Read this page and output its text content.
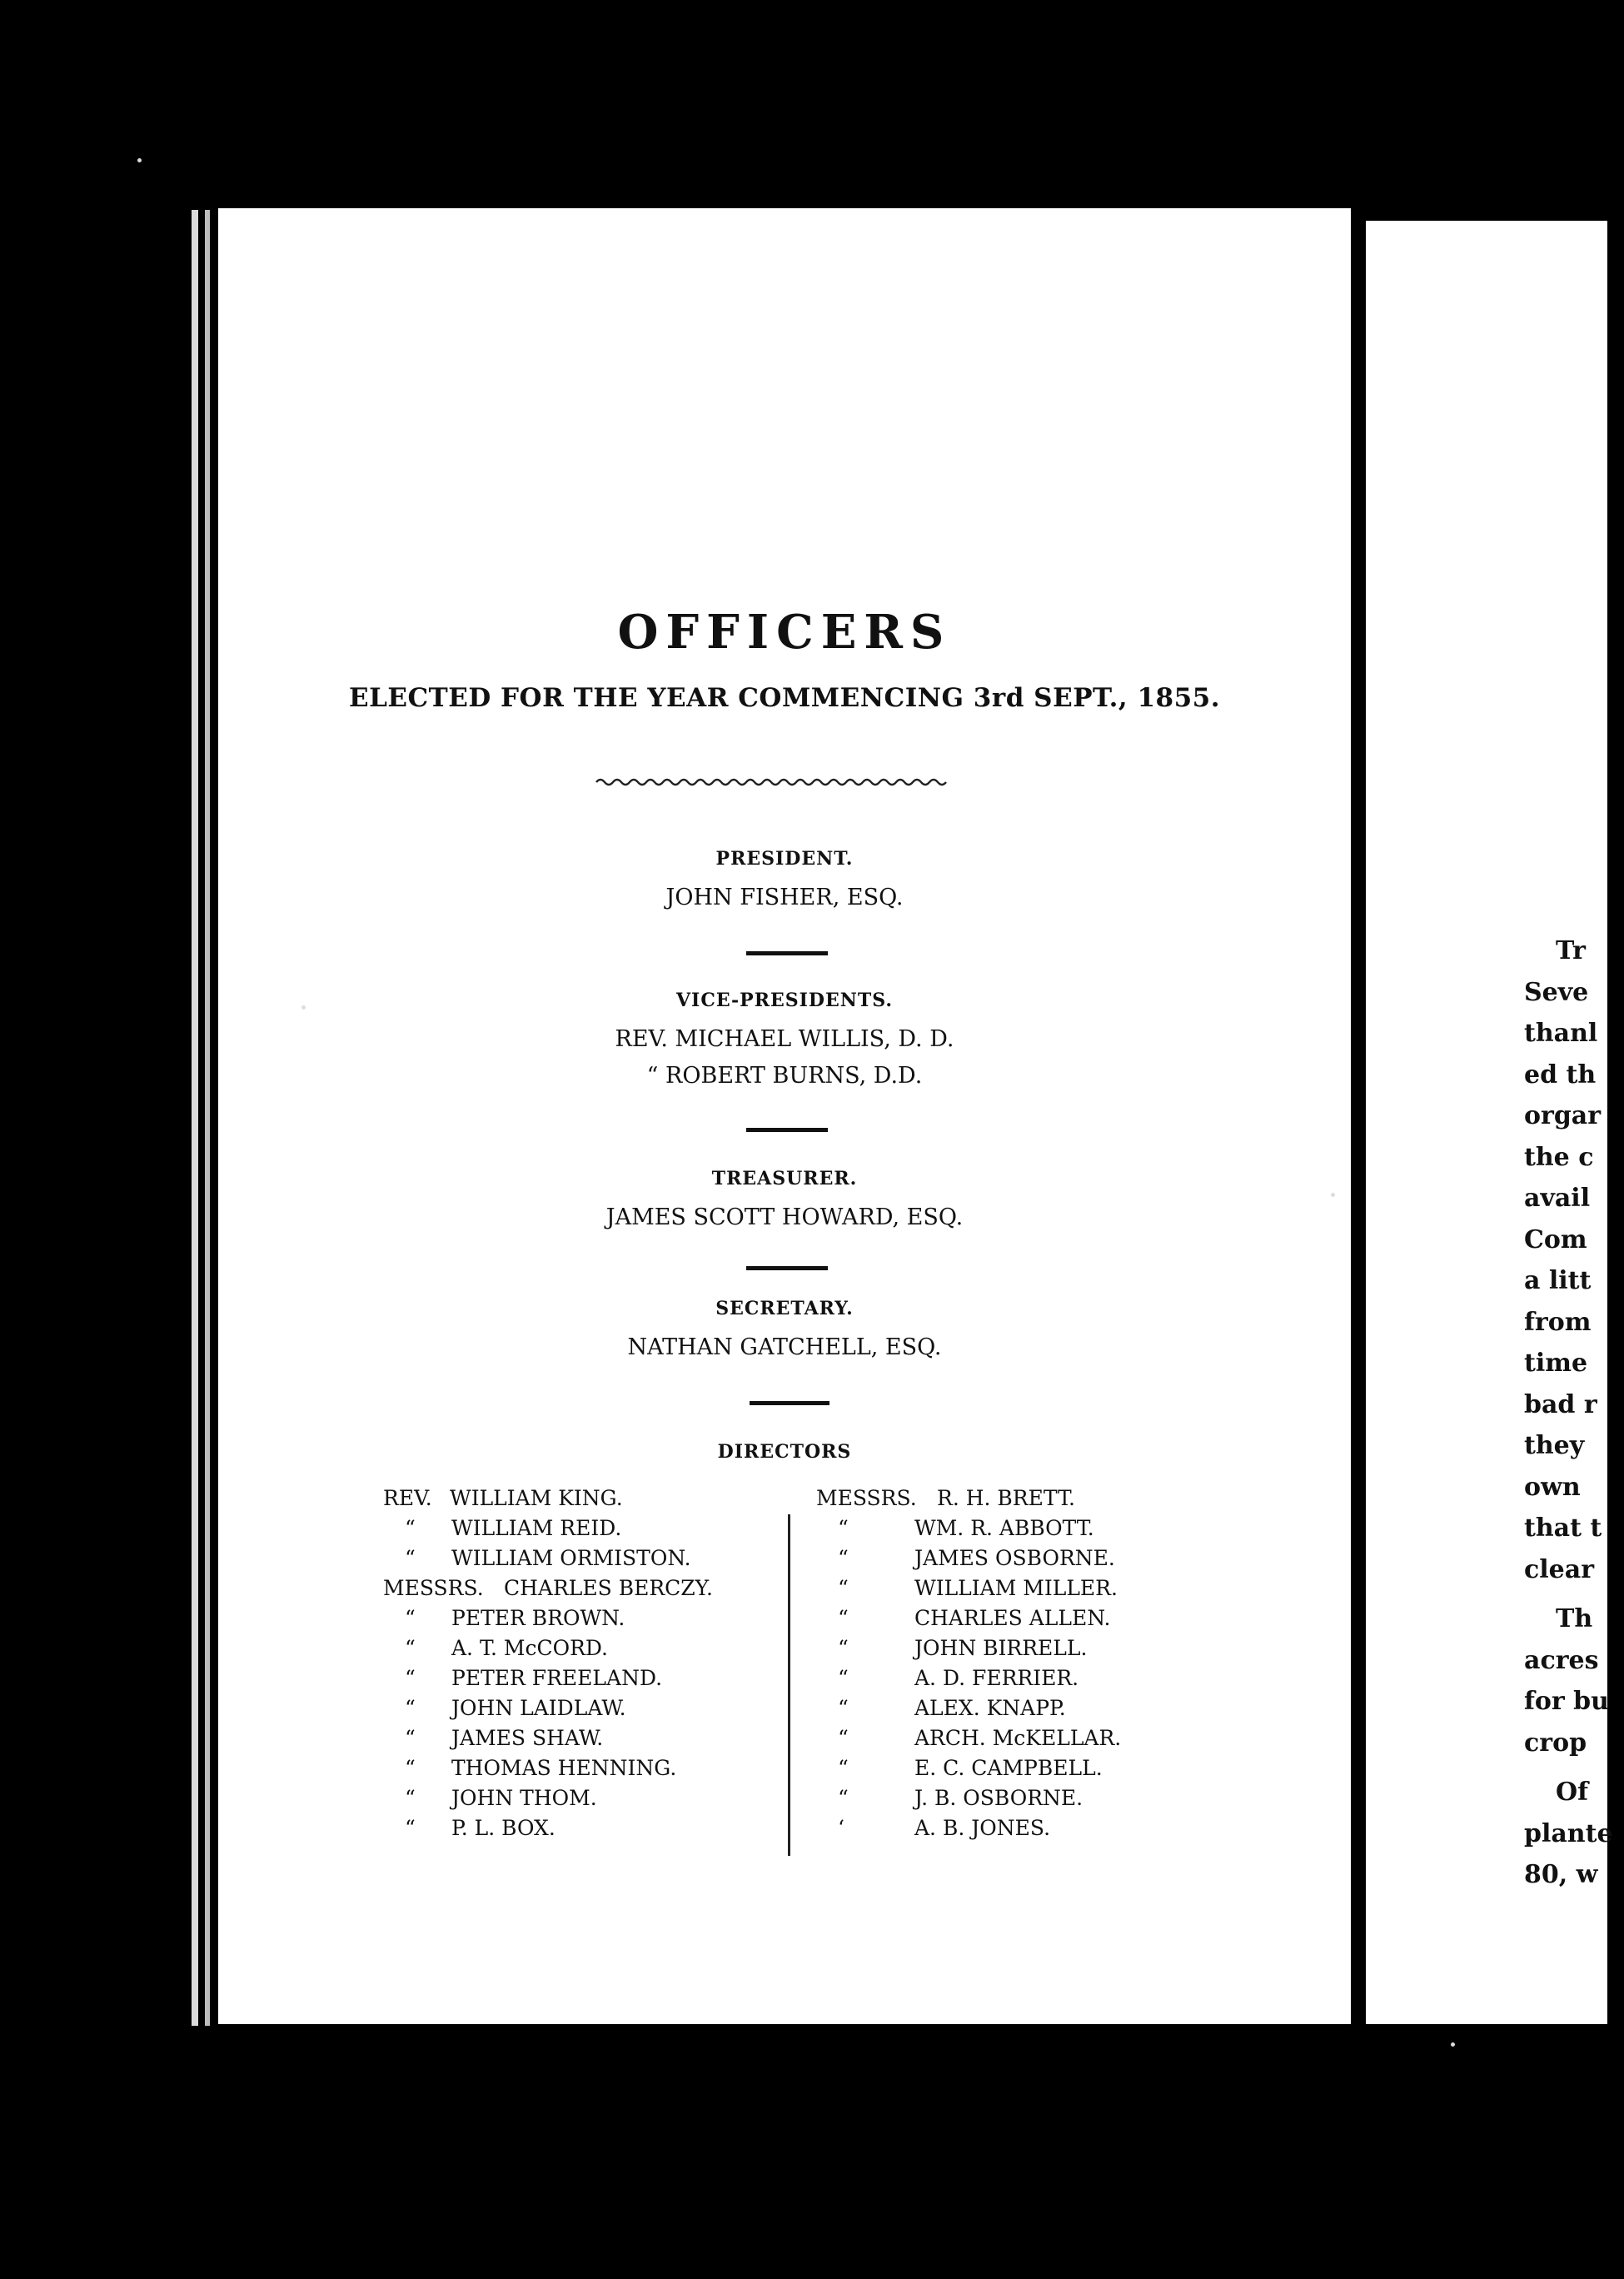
OFFICERS
ELECTED FOR THE YEAR COMMENCING 3rd SEPT., 1855.
PRESIDENT.
JOHN FISHER, ESQ.
VICE-PRESIDENTS.
REV. MICHAEL WILLIS, D. D.
“ ROBERT BURNS, D.D.
TREASURER.
JAMES SCOTT HOWARD, ESQ.
SECRETARY.
NATHAN GATCHELL, ESQ.
DIRECTORS
REV. WILLIAM KING.
“ WILLIAM REID.
“ WILLIAM ORMISTON.
MESSRS. CHARLES BERCZY.
“ PETER BROWN.
“ A. T. McCORD.
“ PETER FREELAND.
“ JOHN LAIDLAW.
“ JAMES SHAW.
“ THOMAS HENNING.
“ JOHN THOM.
“ P. L. BOX.
MESSRS. R. H. BRETT.
“	WM. R. ABBOTT.
“	JAMES OSBORNE.
“	WILLIAM MILLER.
“	CHARLES ALLEN.
“	JOHN BIRRELL.
“	A. D. FERRIER.
“	ALEX. KNAPP.
“	ARCH. McKELLAR.
“	E. C. CAMPBELL.
“	J. B. OSBORNE.
‘	A. B. JONES.
Tr
Seve
thanl
ed th
orgar
the c
avail
Com
a litt
from
time
bad r
they
own
that t
clear
Th
acres
for bu
crop
Of
plante
80, w
